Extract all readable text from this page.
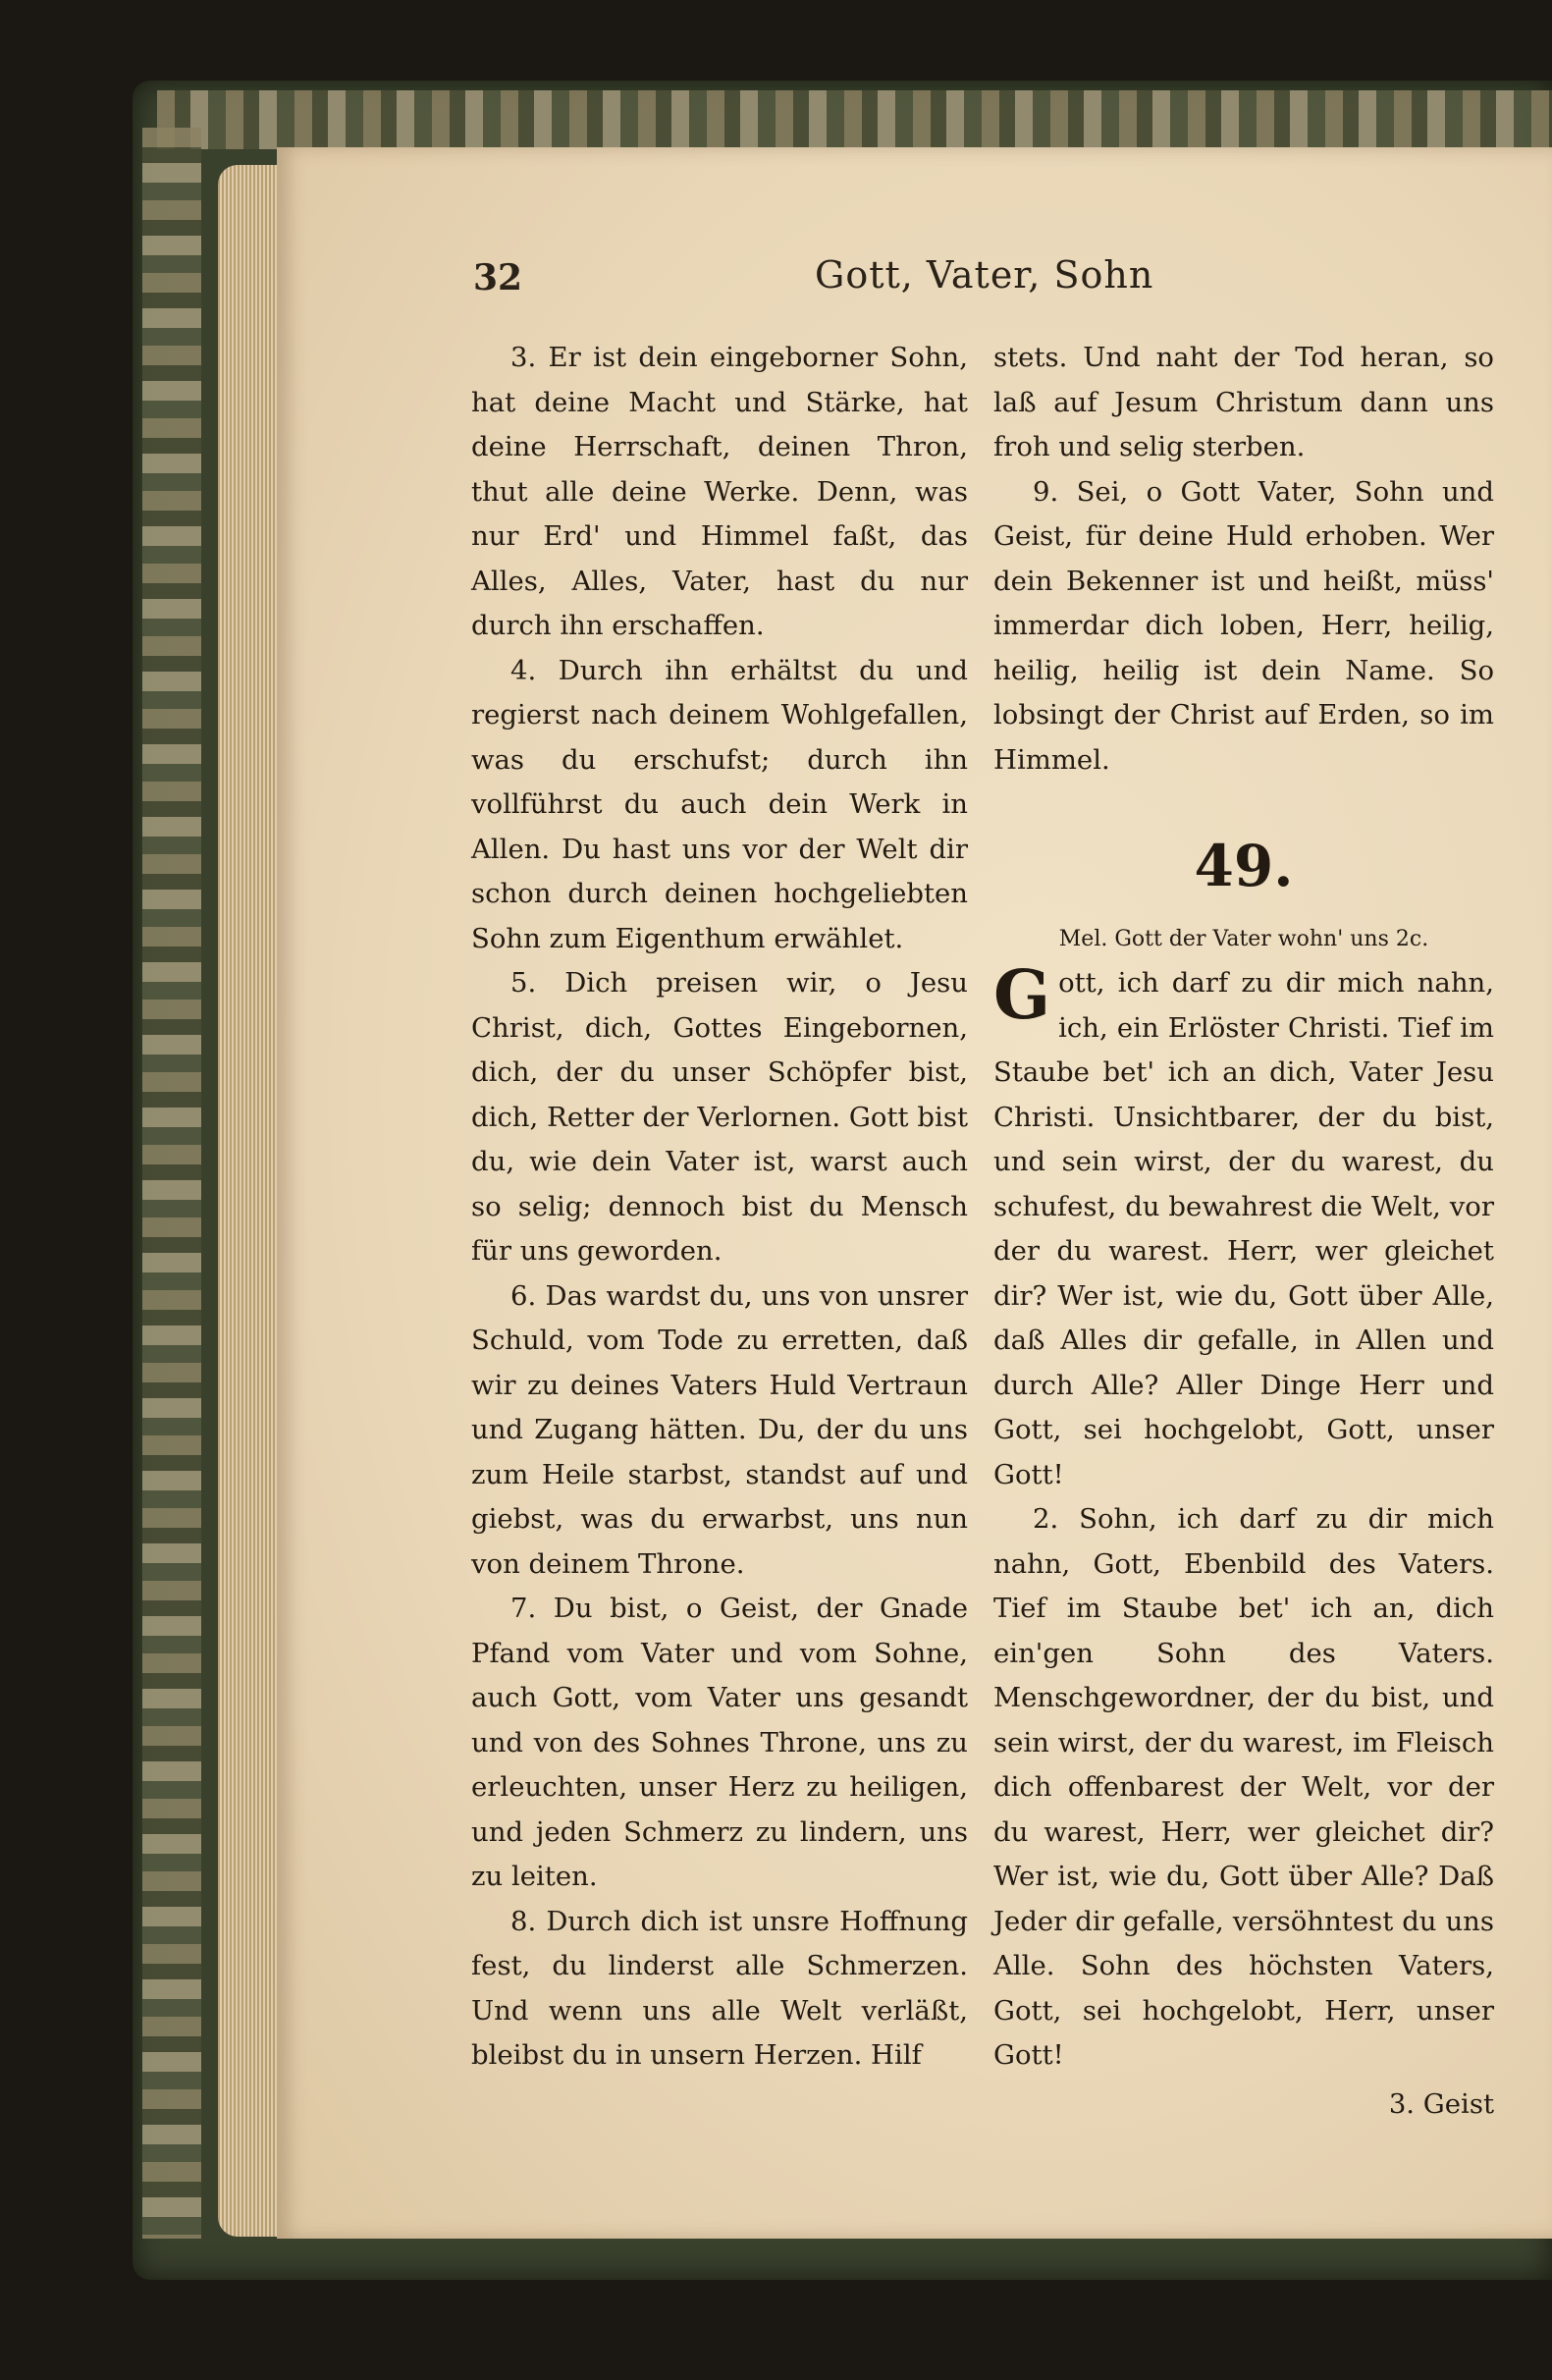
32	Gott, Vater, Sohn

3. Er ist dein eingeborner Sohn, hat deine Macht und Stärke, hat deine Herrschaft, deinen Thron, thut alle deine Werke. Denn, was nur Erd' und Himmel faßt, das Alles, Alles, Vater, hast du nur durch ihn erschaffen.

4. Durch ihn erhältst du und regierst nach deinem Wohlgefallen, was du erschufst; durch ihn vollführst du auch dein Werk in Allen. Du hast uns vor der Welt dir schon durch deinen hochgeliebten Sohn zum Eigenthum erwählet.

5. Dich preisen wir, o Jesu Christ, dich, Gottes Eingebornen, dich, der du unser Schöpfer bist, dich, Retter der Verlornen. Gott bist du, wie dein Vater ist, warst auch so selig; dennoch bist du Mensch für uns geworden.

6. Das wardst du, uns von unsrer Schuld, vom Tode zu erretten, daß wir zu deines Vaters Huld Vertraun und Zugang hätten. Du, der du uns zum Heile starbst, standst auf und giebst, was du erwarbst, uns nun von deinem Throne.

7. Du bist, o Geist, der Gnade Pfand vom Vater und vom Sohne, auch Gott, vom Vater uns gesandt und von des Sohnes Throne, uns zu erleuchten, unser Herz zu heiligen, und jeden Schmerz zu lindern, uns zu leiten.

8. Durch dich ist unsre Hoffnung fest, du linderst alle Schmerzen. Und wenn uns alle Welt verläßt, bleibst du in unsern Herzen. Hilf

stets. Und naht der Tod heran, so laß auf Jesum Christum dann uns froh und selig sterben.

9. Sei, o Gott Vater, Sohn und Geist, für deine Huld erhoben. Wer dein Bekenner ist und heißt, müss' immerdar dich loben, Herr, heilig, heilig, heilig ist dein Name. So lobsingt der Christ auf Erden, so im Himmel.

49.
Mel. Gott der Vater wohn' uns 2c.

Gott, ich darf zu dir mich nahn, ich, ein Erlöster Christi. Tief im Staube bet' ich an dich, Vater Jesu Christi. Unsichtbarer, der du bist, und sein wirst, der du warest, du schufest, du bewahrest die Welt, vor der du warest. Herr, wer gleichet dir? Wer ist, wie du, Gott über Alle, daß Alles dir gefalle, in Allen und durch Alle? Aller Dinge Herr und Gott, sei hochgelobt, Gott, unser Gott!

2. Sohn, ich darf zu dir mich nahn, Gott, Ebenbild des Vaters. Tief im Staube bet' ich an, dich ein'gen Sohn des Vaters. Menschgewordner, der du bist, und sein wirst, der du warest, im Fleisch dich offenbarest der Welt, vor der du warest, Herr, wer gleichet dir? Wer ist, wie du, Gott über Alle? Daß Jeder dir gefalle, versöhntest du uns Alle. Sohn des höchsten Vaters, Gott, sei hochgelobt, Herr, unser Gott!

3. Geist
